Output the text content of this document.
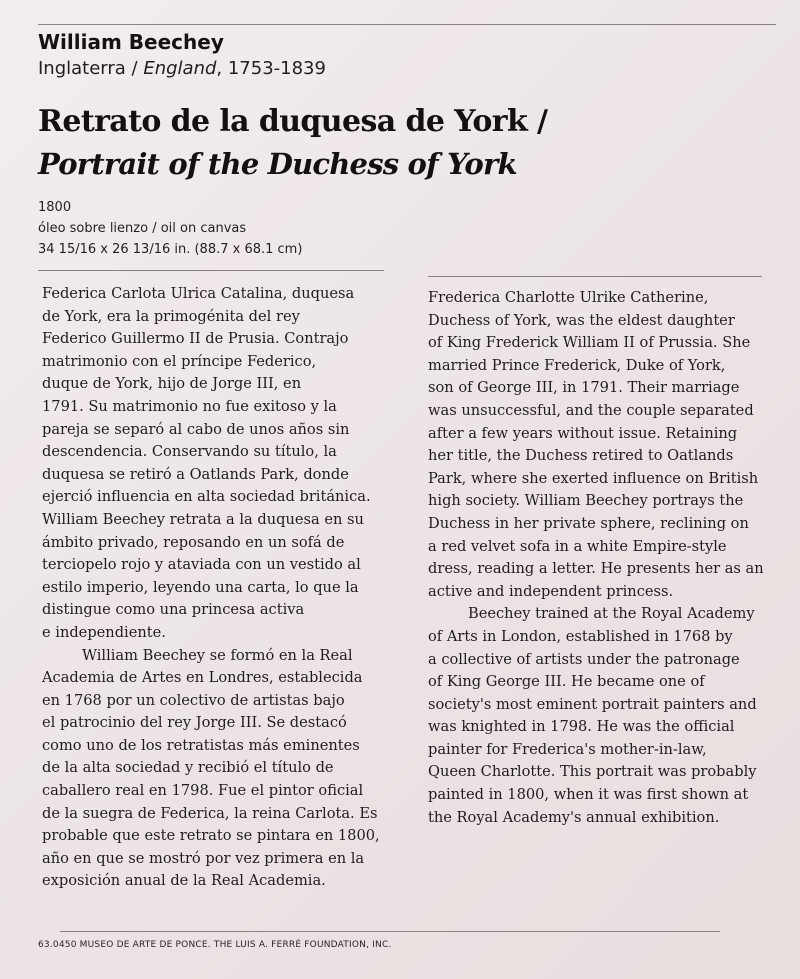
William Beechey
Inglaterra / England, 1753-1839
Retrato de la duquesa de York /
Portrait of the Duchess of York
1800
óleo sobre lienzo / oil on canvas
34 15/16 x 26 13/16 in. (88.7 x 68.1 cm)
Federica Carlota Ulrica Catalina, duquesa
de York, era la primogénita del rey
Federico Guillermo II de Prusia. Contrajo
matrimonio con el príncipe Federico,
duque de York, hijo de Jorge III, en
1791. Su matrimonio no fue exitoso y la
pareja se separó al cabo de unos años sin
descendencia. Conservando su título, la
duquesa se retiró a Oatlands Park, donde
ejerció influencia en alta sociedad británica.
William Beechey retrata a la duquesa en su
ámbito privado, reposando en un sofá de
terciopelo rojo y ataviada con un vestido al
estilo imperio, leyendo una carta, lo que la
distingue como una princesa activa
e independiente.
William Beechey se formó en la Real
Academia de Artes en Londres, establecida
en 1768 por un colectivo de artistas bajo
el patrocinio del rey Jorge III. Se destacó
como uno de los retratistas más eminentes
de la alta sociedad y recibió el título de
caballero real en 1798. Fue el pintor oficial
de la suegra de Federica, la reina Carlota. Es
probable que este retrato se pintara en 1800,
año en que se mostró por vez primera en la
exposición anual de la Real Academia.
Frederica Charlotte Ulrike Catherine,
Duchess of York, was the eldest daughter
of King Frederick William II of Prussia. She
married Prince Frederick, Duke of York,
son of George III, in 1791. Their marriage
was unsuccessful, and the couple separated
after a few years without issue. Retaining
her title, the Duchess retired to Oatlands
Park, where she exerted influence on British
high society. William Beechey portrays the
Duchess in her private sphere, reclining on
a red velvet sofa in a white Empire-style
dress, reading a letter. He presents her as an
active and independent princess.
Beechey trained at the Royal Academy
of Arts in London, established in 1768 by
a collective of artists under the patronage
of King George III. He became one of
society's most eminent portrait painters and
was knighted in 1798. He was the official
painter for Frederica's mother-in-law,
Queen Charlotte. This portrait was probably
painted in 1800, when it was first shown at
the Royal Academy's annual exhibition.
63.0450 MUSEO DE ARTE DE PONCE. THE LUIS A. FERRÉ FOUNDATION, INC.
